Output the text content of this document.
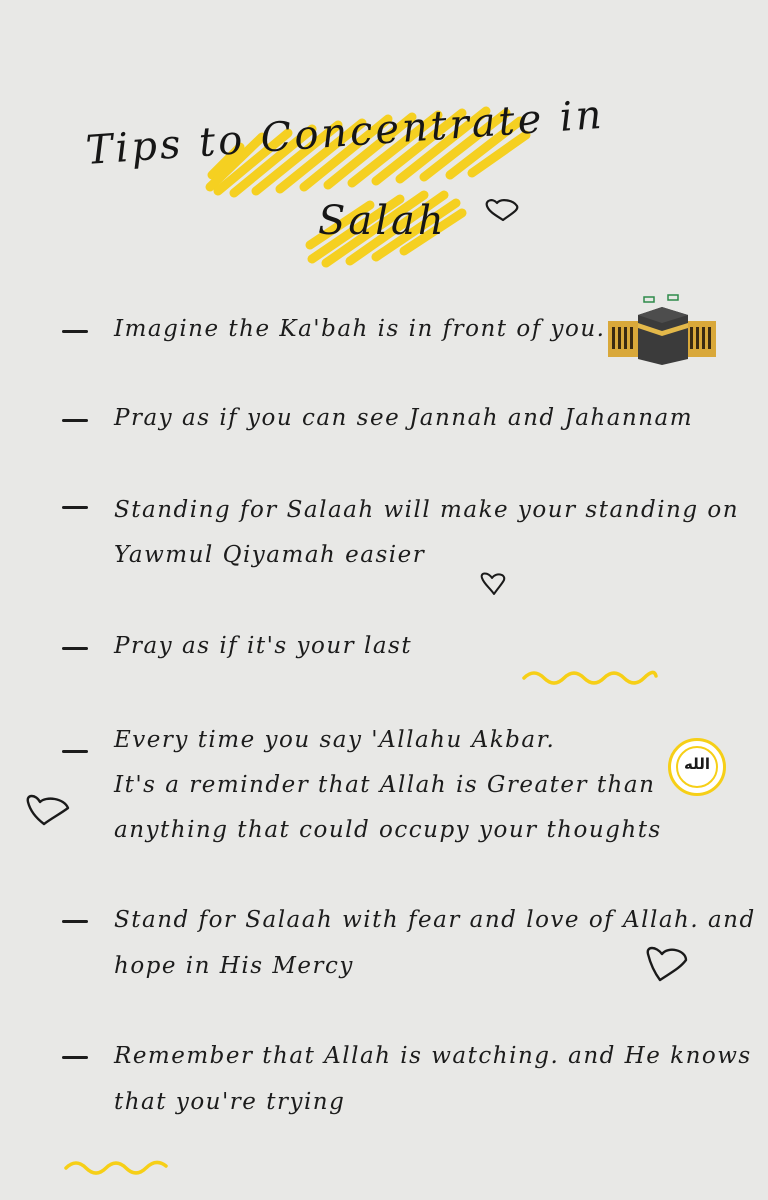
Tips to Concentrate in
Salah
Imagine the Ka'bah is in front of you.
Pray as if you can see Jannah and Jahannam
Standing for Salaah will make your standing on
Yawmul Qiyamah easier
Pray as if it's your last
Every time you say 'Allahu Akbar.
It's a reminder that Allah is Greater than
anything that could occupy your thoughts
الله
Stand for Salaah with fear and love of Allah. and
hope in His Mercy
Remember that Allah is watching. and He knows
that you're trying
